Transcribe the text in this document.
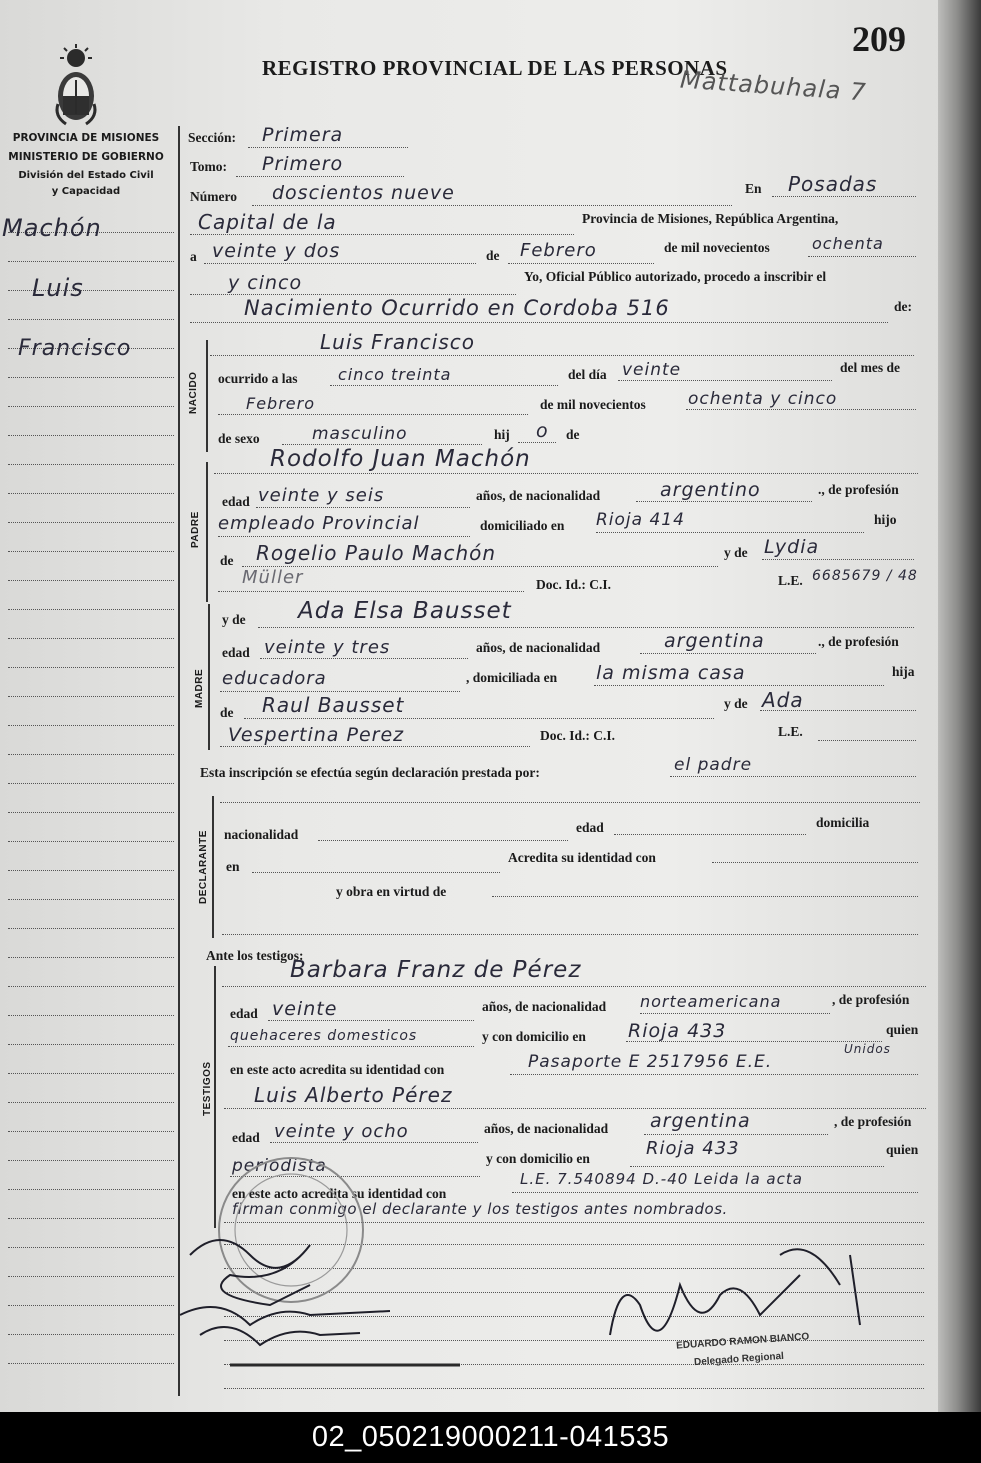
PROVINCIA DE MISIONES
MINISTERIO DE GOBIERNO
División del Estado Civil
y Capacidad
REGISTRO PROVINCIAL DE LAS PERSONAS
209
Mattabuhala 7
Machón
Luis
Francisco
Sección: Primera
Tomo: Primero
Número doscientos nueve	En Posadas
Capital de la	Provincia de Misiones, República Argentina,
a veinte y dos	de Febrero	de mil novecientos	ochenta
y cinco	Yo, Oficial Público autorizado, procedo a inscribir el
Nacimiento Ocurrido en Cordoba 516	de:
Luis Francisco
NACIDO ocurrido a las	cinco treinta	del día veinte	del mes de
Febrero	de mil novecientos ochenta y cinco
de sexo	masculino	hij o de
Rodolfo Juan Machón
PADRE
edad veinte y seis	años, de nacionalidad	argentino	., de profesión
empleado Provincial	domiciliado en Rioja 414	hijo
de Rogelio Paulo Machón	y de Lydia
Müller	Doc. Id.: C.I.	L.E. 6685679 / 48
MADRE
y de Ada Elsa Bausset
edad veinte y tres	años, de nacionalidad	argentina	., de profesión
educadora	, domiciliada en la misma casa	hija
de Raul Bausset	y de Ada
Vespertina Perez	Doc. Id.: C.I.	L.E.
Esta inscripción se efectúa según declaración prestada por:	el padre
DECLARANTE nacionalidad	edad	domicilia
en
Acredita su identidad con
y obra en virtud de
Ante los testigos:
TESTIGOS
Barbara Franz de Pérez
edad veinte	años, de nacionalidad norteamericana	, de profesión
quehaceres domesticos	y con domicilio en Rioja 433	quien
en este acto acredita su identidad con	Pasaporte E 2517956 E.E.
Unidos
Luis Alberto Pérez
edad veinte y ocho	años, de nacionalidad argentina	, de profesión
periodista	y con domicilio en	Rioja 433	quien
en este acto acredita su identidad con
L.E. 7.540894 D.-40 Leida la acta
firman conmigo el declarante y los testigos antes nombrados.
EDUARDO RAMON BIANCO
Delegado Regional
02_050219000211-041535
